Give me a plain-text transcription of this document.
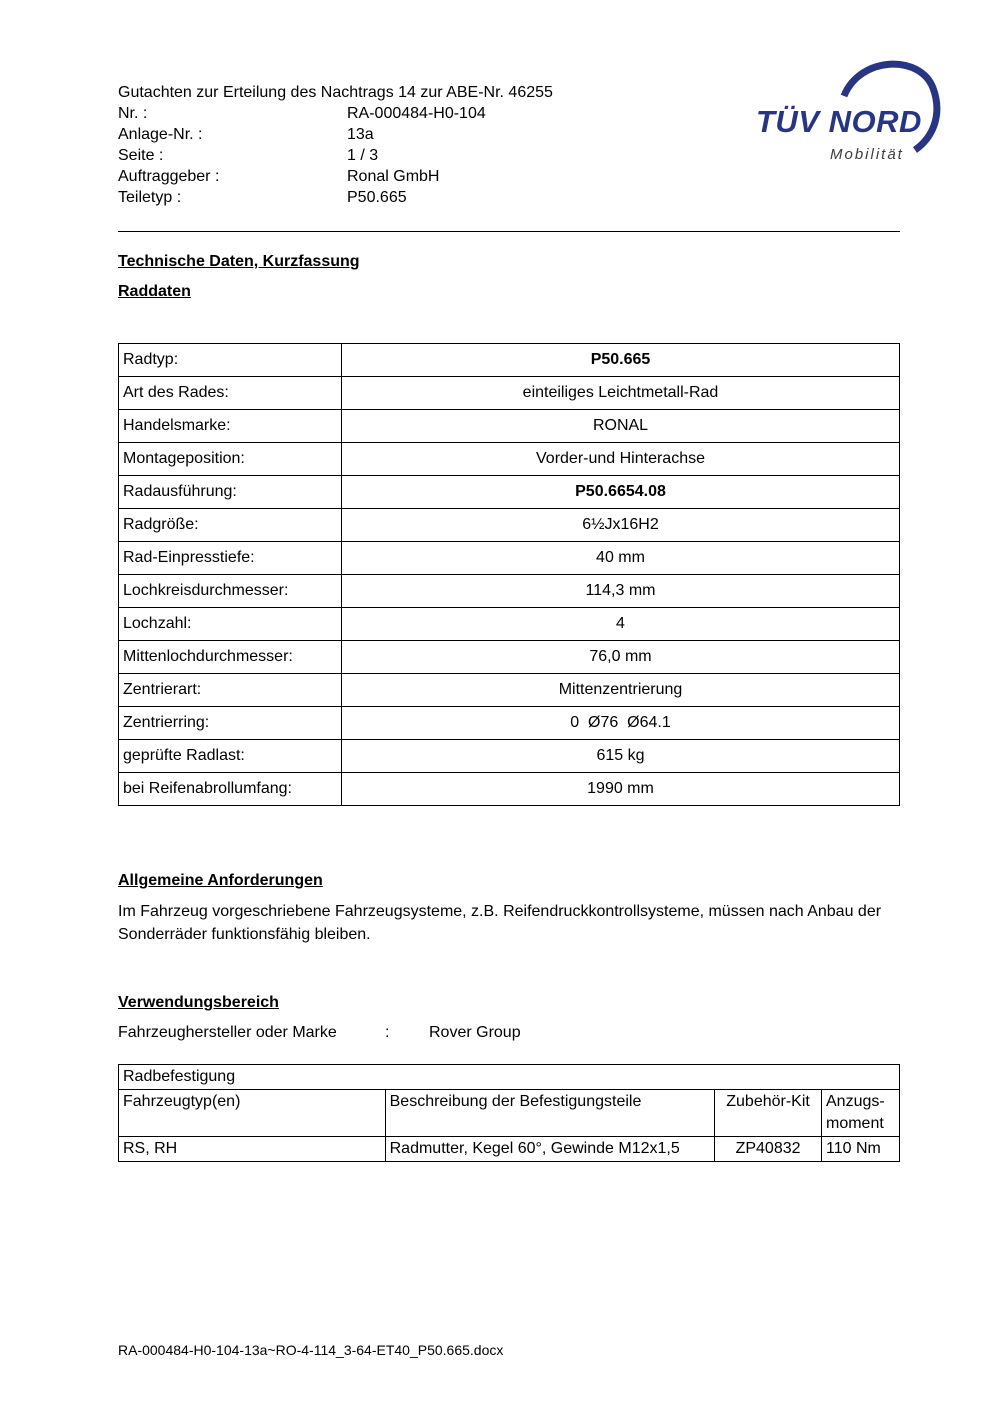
TÜV NORD
Mobilität
Gutachten zur Erteilung des Nachtrags 14 zur ABE-Nr. 46255
Nr. :	RA-000484-H0-104
Anlage-Nr. :	13a
Seite :	1 / 3
Auftraggeber :	Ronal GmbH
Teiletyp :	P50.665
Technische Daten, Kurzfassung
Raddaten
Radtyp:	P50.665
Art des Rades:	einteiliges Leichtmetall-Rad
Handelsmarke:	RONAL
Montageposition:	Vorder-und Hinterachse
Radausführung:	P50.6654.08
Radgröße:	6½Jx16H2
Rad-Einpresstiefe:	40 mm
Lochkreisdurchmesser:	114,3 mm
Lochzahl:	4
Mittenlochdurchmesser:	76,0 mm
Zentrierart:	Mittenzentrierung
Zentrierring:	0  Ø76  Ø64.1
geprüfte Radlast:	615 kg
bei Reifenabrollumfang:	1990 mm
Allgemeine Anforderungen

Im Fahrzeug vorgeschriebene Fahrzeugsysteme, z.B. Reifendruckkontrollsysteme, müssen nach Anbau der Sonderräder funktionsfähig bleiben.

Verwendungsbereich
Fahrzeughersteller oder Marke	:	Rover Group
Radbefestigung			
Fahrzeugtyp(en)	Beschreibung der Befestigungsteile	Zubehör-Kit	Anzugs-moment
RS, RH	Radmutter, Kegel 60°, Gewinde M12x1,5	ZP40832	110 Nm
RA-000484-H0-104-13a~RO-4-114_3-64-ET40_P50.665.docx
